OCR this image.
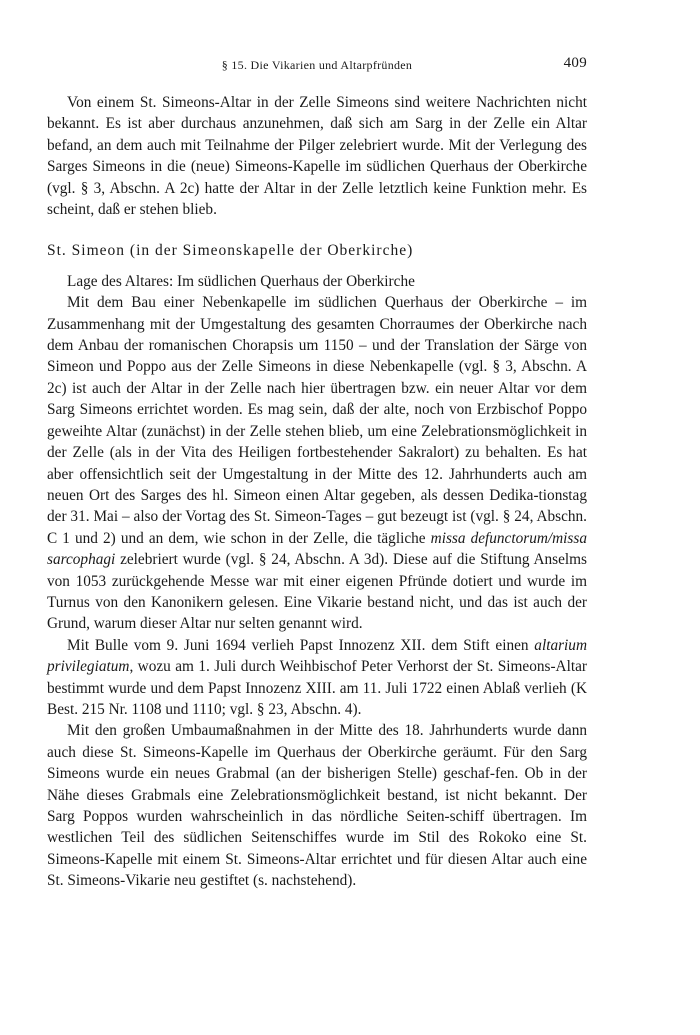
§ 15. Die Vikarien und Altarpfründen	409

Von einem St. Simeons-Altar in der Zelle Simeons sind weitere Nachrichten nicht bekannt. Es ist aber durchaus anzunehmen, daß sich am Sarg in der Zelle ein Altar befand, an dem auch mit Teilnahme der Pilger zelebriert wurde. Mit der Verlegung des Sarges Simeons in die (neue) Simeons-Kapelle im südlichen Querhaus der Oberkirche (vgl. § 3, Abschn. A 2c) hatte der Altar in der Zelle letztlich keine Funktion mehr. Es scheint, daß er stehen blieb.

St. Simeon (in der Simeonskapelle der Oberkirche)

Lage des Altares: Im südlichen Querhaus der Oberkirche

Mit dem Bau einer Nebenkapelle im südlichen Querhaus der Oberkirche – im Zusammenhang mit der Umgestaltung des gesamten Chorraumes der Oberkirche nach dem Anbau der romanischen Chorapsis um 1150 – und der Translation der Särge von Simeon und Poppo aus der Zelle Simeons in diese Nebenkapelle (vgl. § 3, Abschn. A 2c) ist auch der Altar in der Zelle nach hier übertragen bzw. ein neuer Altar vor dem Sarg Simeons errichtet worden. Es mag sein, daß der alte, noch von Erzbischof Poppo geweihte Altar (zunächst) in der Zelle stehen blieb, um eine Zelebrationsmöglichkeit in der Zelle (als in der Vita des Heiligen fortbestehender Sakralort) zu behalten. Es hat aber offensichtlich seit der Umgestaltung in der Mitte des 12. Jahrhunderts auch am neuen Ort des Sarges des hl. Simeon einen Altar gegeben, als dessen Dedika-tionstag der 31. Mai – also der Vortag des St. Simeon-Tages – gut bezeugt ist (vgl. § 24, Abschn. C 1 und 2) und an dem, wie schon in der Zelle, die tägliche missa defunctorum/missa sarcophagi zelebriert wurde (vgl. § 24, Abschn. A 3d). Diese auf die Stiftung Anselms von 1053 zurückgehende Messe war mit einer eigenen Pfründe dotiert und wurde im Turnus von den Kanonikern gelesen. Eine Vikarie bestand nicht, und das ist auch der Grund, warum dieser Altar nur selten genannt wird.

Mit Bulle vom 9. Juni 1694 verlieh Papst Innozenz XII. dem Stift einen altarium privilegiatum, wozu am 1. Juli durch Weihbischof Peter Verhorst der St. Simeons-Altar bestimmt wurde und dem Papst Innozenz XIII. am 11. Juli 1722 einen Ablaß verlieh (K Best. 215 Nr. 1108 und 1110; vgl. § 23, Abschn. 4).

Mit den großen Umbaumaßnahmen in der Mitte des 18. Jahrhunderts wurde dann auch diese St. Simeons-Kapelle im Querhaus der Oberkirche geräumt. Für den Sarg Simeons wurde ein neues Grabmal (an der bisherigen Stelle) geschaf-fen. Ob in der Nähe dieses Grabmals eine Zelebrationsmöglichkeit bestand, ist nicht bekannt. Der Sarg Poppos wurden wahrscheinlich in das nördliche Seiten-schiff übertragen. Im westlichen Teil des südlichen Seitenschiffes wurde im Stil des Rokoko eine St. Simeons-Kapelle mit einem St. Simeons-Altar errichtet und für diesen Altar auch eine St. Simeons-Vikarie neu gestiftet (s. nachstehend).
